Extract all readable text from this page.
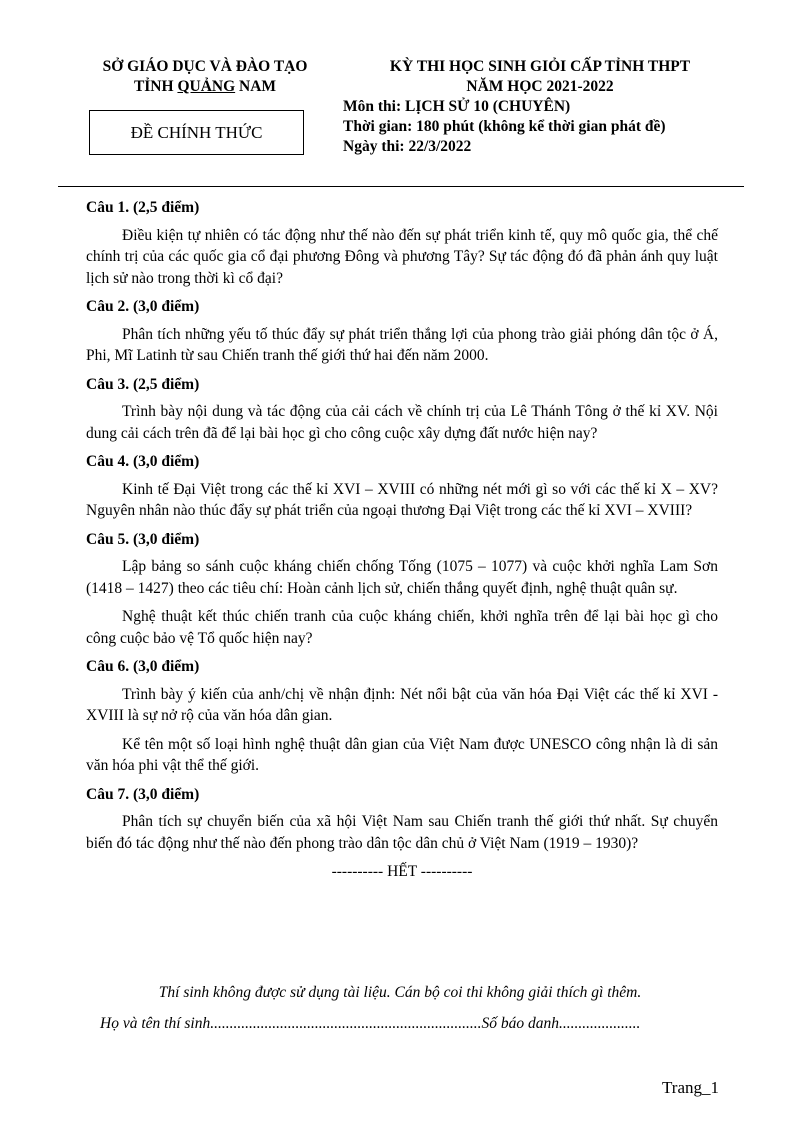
SỞ GIÁO DỤC VÀ ĐÀO TẠO
TỈNH QUẢNG NAM
ĐỀ CHÍNH THỨC
KỲ THI HỌC SINH GIỎI CẤP TỈNH THPT
NĂM HỌC 2021-2022
Môn thi: LỊCH SỬ 10 (CHUYÊN)
Thời gian: 180 phút (không kể thời gian phát đề)
Ngày thi: 22/3/2022
Câu 1. (2,5 điểm)
Điều kiện tự nhiên có tác động như thế nào đến sự phát triển kinh tế, quy mô quốc gia, thể chế chính trị của các quốc gia cổ đại phương Đông và phương Tây? Sự tác động đó đã phản ánh quy luật lịch sử nào trong thời kì cổ đại?
Câu 2. (3,0 điểm)
Phân tích những yếu tố thúc đẩy sự phát triển thắng lợi của phong trào giải phóng dân tộc ở Á, Phi, Mĩ Latinh từ sau Chiến tranh thế giới thứ hai đến năm 2000.
Câu 3. (2,5 điểm)
Trình bày nội dung và tác động của cải cách về chính trị của Lê Thánh Tông ở thế kỉ XV. Nội dung cải cách trên đã để lại bài học gì cho công cuộc xây dựng đất nước hiện nay?
Câu 4. (3,0 điểm)
Kinh tế Đại Việt trong các thế kỉ XVI – XVIII có những nét mới gì so với các thế kỉ X – XV? Nguyên nhân nào thúc đẩy sự phát triển của ngoại thương Đại Việt trong các thế kỉ XVI – XVIII?
Câu 5. (3,0 điểm)
Lập bảng so sánh cuộc kháng chiến chống Tống (1075 – 1077) và cuộc khởi nghĩa Lam Sơn (1418 – 1427) theo các tiêu chí: Hoàn cảnh lịch sử, chiến thắng quyết định, nghệ thuật quân sự.
Nghệ thuật kết thúc chiến tranh của cuộc kháng chiến, khởi nghĩa trên để lại bài học gì cho công cuộc bảo vệ Tổ quốc hiện nay?
Câu 6. (3,0 điểm)
Trình bày ý kiến của anh/chị về nhận định: Nét nổi bật của văn hóa Đại Việt các thế kỉ XVI - XVIII là sự nở rộ của văn hóa dân gian.
Kể tên một số loại hình nghệ thuật dân gian của Việt Nam được UNESCO công nhận là di sản văn hóa phi vật thể thế giới.
Câu 7. (3,0 điểm)
Phân tích sự chuyển biến của xã hội Việt Nam sau Chiến tranh thế giới thứ nhất. Sự chuyển biến đó tác động như thế nào đến phong trào dân tộc dân chủ ở Việt Nam (1919 – 1930)?
---------- HẾT ----------
Thí sinh không được sử dụng tài liệu. Cán bộ coi thi không giải thích gì thêm.
Họ và tên thí sinh......................................................................Số báo danh.....................
Trang_1
